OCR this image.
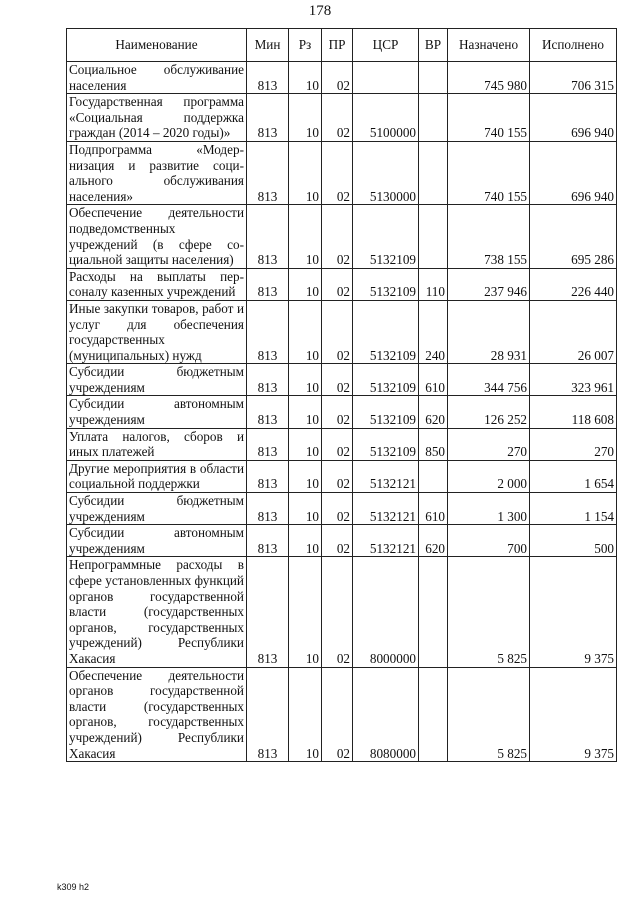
178
Наименование	Мин	Рз	ПР	ЦСР	ВР	Назначено	Исполнено
Социальное обслуживание населения	813	10	02			745 980	706 315
Государственная программа «Социальная поддержка граждан (2014 – 2020 годы)»	813	10	02	5100000		740 155	696 940
Подпрограмма «Модернизация и развитие социального обслуживания населения»	813	10	02	5130000		740 155	696 940
Обеспечение деятельности подведомственных учреждений (в сфере социальной защиты населения)	813	10	02	5132109		738 155	695 286
Расходы на выплаты персоналу казенных учреждений	813	10	02	5132109	110	237 946	226 440
Иные закупки товаров, работ и услуг для обеспечения государственных (муниципальных) нужд	813	10	02	5132109	240	28 931	26 007
Субсидии бюджетным учреждениям	813	10	02	5132109	610	344 756	323 961
Субсидии автономным учреждениям	813	10	02	5132109	620	126 252	118 608
Уплата налогов, сборов и иных платежей	813	10	02	5132109	850	270	270
Другие мероприятия в области социальной поддержки	813	10	02	5132121		2 000	1 654
Субсидии бюджетным учреждениям	813	10	02	5132121	610	1 300	1 154
Субсидии автономным учреждениям	813	10	02	5132121	620	700	500
Непрограммные расходы в сфере установленных функций органов государственной власти (государственных органов, государственных учреждений) Республики Хакасия	813	10	02	8000000		5 825	9 375
Обеспечение деятельности органов государственной власти (государственных органов, государственных учреждений) Республики Хакасия	813	10	02	8080000		5 825	9 375
k309 h2
